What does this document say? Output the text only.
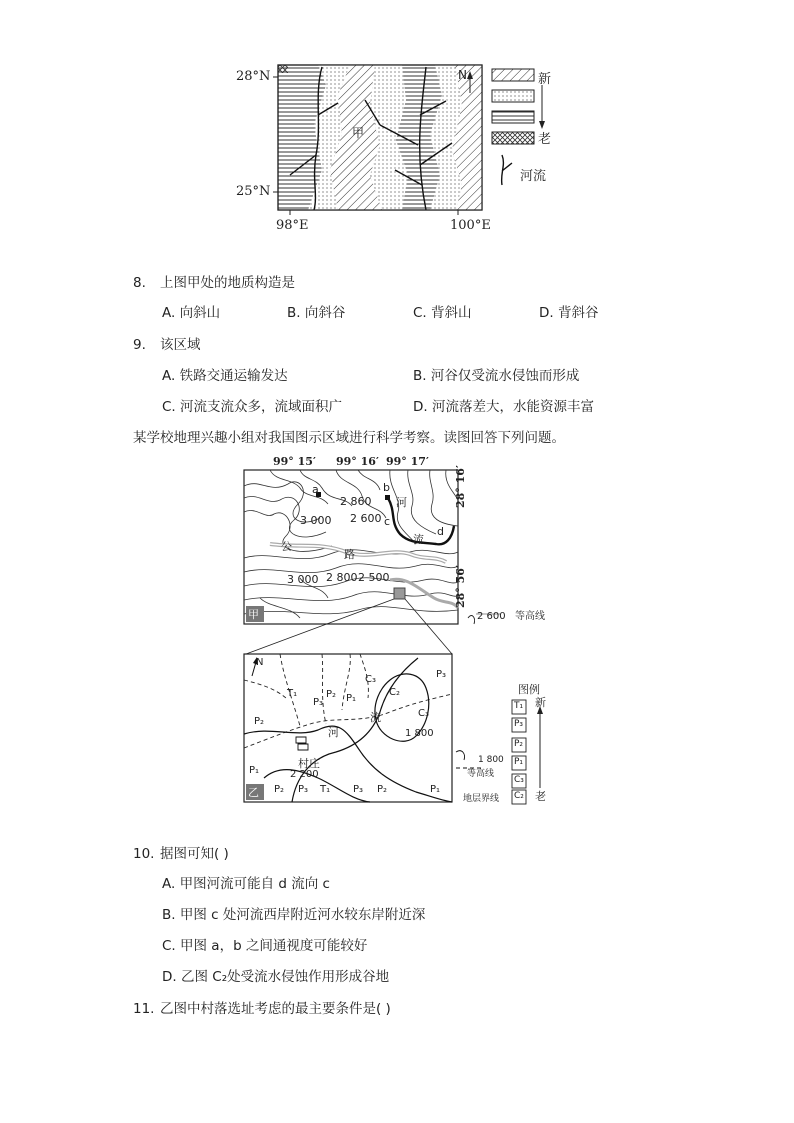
28°N
25°N
98°E	100°E
N
甲
新
老
河流
8. 上图甲处的地质构造是
A. 向斜山	B. 向斜谷	C. 背斜山	D. 背斜谷
9. 该区域
A. 铁路交通运输发达	B. 河谷仅受流水侵蚀而形成
C. 河流支流众多，流域面积广	D. 河流落差大，水能资源丰富
某学校地理兴趣小组对我国图示区域进行科学考察。读图回答下列问题。
99° 15′ 99° 16′ 99° 17′
28° 16′
28° 56′
a	b
c
d
2 860
3 000 2 600
3 000 2 800 2 500
公
路
河
流
甲	2 600 等高线
N
T₁
P₂
P₃ P₁
C₃
C₂
P₃
C₃
P₂
P₁
P₂ P₃ T₁ P₃ P₂	P₁
1 800
2 200
河
流
村庄
乙
1 800
等高线
地层界线
图例
新
老
T₁
P₃
P₂
P₁
C₃
C₂
10. 据图可知( )
A. 甲图河流可能自 d 流向 c
B. 甲图 c 处河流西岸附近河水较东岸附近深
C. 甲图 a，b 之间通视度可能较好
D. 乙图 C₂处受流水侵蚀作用形成谷地
11. 乙图中村落选址考虑的最主要条件是( )
